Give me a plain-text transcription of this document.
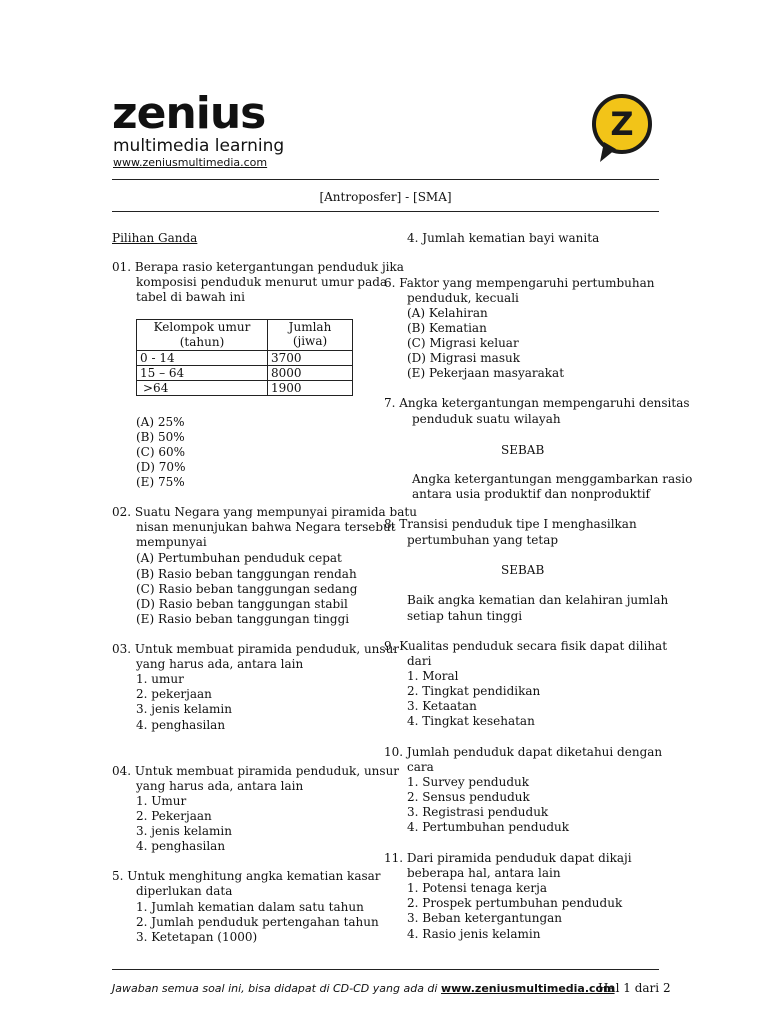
zenius
multimedia learning
www.zeniusmultimedia.com
Z
[Antroposfer] - [SMA]
Pilihan Ganda
01. Berapa rasio ketergantungan penduduk jika
komposisi penduduk menurut umur pada
tabel di bawah ini
Kelompok umur
(tahun)	Jumlah (jiwa)
0 - 14	3700
15 – 64	8000
>64	1900
(A) 25%
(B) 50%
(C) 60%
(D) 70%
(E) 75%
02. Suatu Negara yang mempunyai piramida batu
nisan menunjukan bahwa Negara tersebut
mempunyai
(A) Pertumbuhan penduduk cepat
(B) Rasio beban tanggungan rendah
(C) Rasio beban tanggungan sedang
(D) Rasio beban tanggungan stabil
(E) Rasio beban tanggungan tinggi
03. Untuk membuat piramida penduduk, unsur
yang harus ada, antara lain
1. umur
2. pekerjaan
3. jenis kelamin
4. penghasilan
04. Untuk membuat piramida penduduk, unsur
yang harus ada, antara lain
1. Umur
2. Pekerjaan
3. jenis kelamin
4. penghasilan
5. Untuk menghitung angka kematian kasar
diperlukan data
1. Jumlah kematian dalam satu tahun
2. Jumlah penduduk pertengahan tahun
3. Ketetapan (1000)
4. Jumlah kematian bayi wanita
6. Faktor yang mempengaruhi pertumbuhan
penduduk, kecuali
(A) Kelahiran
(B) Kematian
(C) Migrasi keluar
(D) Migrasi masuk
(E) Pekerjaan masyarakat
7. Angka ketergantungan mempengaruhi densitas
penduduk suatu wilayah
SEBAB
Angka ketergantungan menggambarkan rasio
antara usia produktif dan nonproduktif
8. Transisi penduduk tipe I menghasilkan
pertumbuhan yang tetap
SEBAB
Baik angka kematian dan kelahiran jumlah
setiap tahun tinggi
9. Kualitas penduduk secara fisik dapat dilihat
dari
1. Moral
2. Tingkat pendidikan
3. Ketaatan
4. Tingkat kesehatan
10. Jumlah penduduk dapat diketahui dengan
cara
1. Survey penduduk
2. Sensus penduduk
3. Registrasi penduduk
4. Pertumbuhan penduduk
11. Dari piramida penduduk dapat dikaji
beberapa hal, antara lain
1. Potensi tenaga kerja
2. Prospek pertumbuhan penduduk
3. Beban ketergantungan
4. Rasio jenis kelamin
Jawaban semua soal ini, bisa didapat di CD-CD yang ada di www.zeniusmultimedia.com
Hal 1 dari 2
